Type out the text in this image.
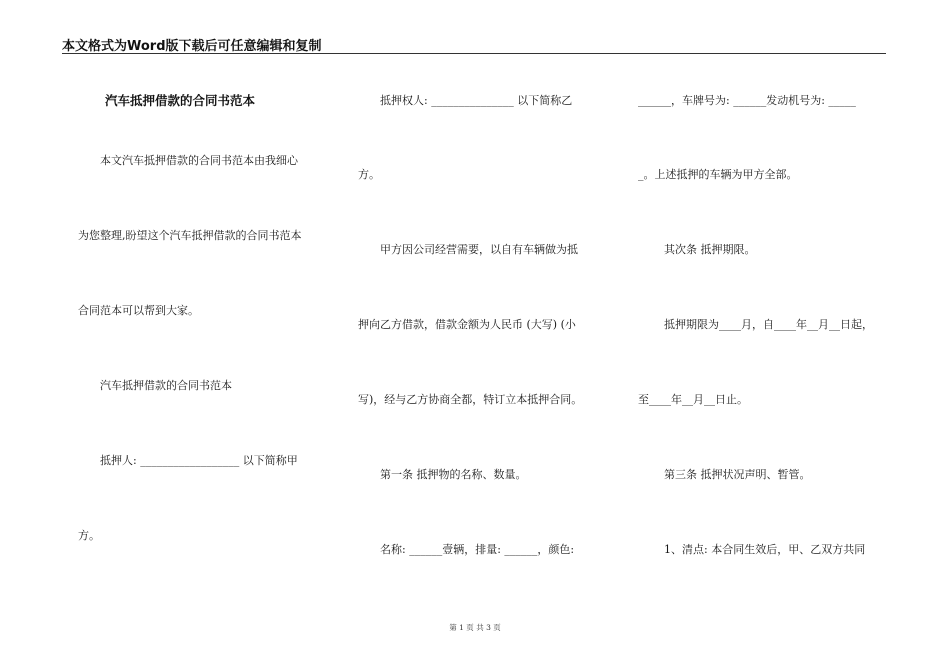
本文格式为Word版下载后可任意编辑和复制
汽车抵押借款的合同书范本
本文汽车抵押借款的合同书范本由我细心
为您整理,盼望这个汽车抵押借款的合同书范本
合同范本可以帮到大家。
汽车抵押借款的合同书范本
抵押人: __________________ 以下简称甲
方。
抵押权人: _______________ 以下简称乙
方。
甲方因公司经营需要，以自有车辆做为抵
押向乙方借款，借款金额为人民币 (大写) (小
写)，经与乙方协商全都，特订立本抵押合同。
第一条 抵押物的名称、数量。
名称: ______壹辆，排量: ______，颜色:
______，车牌号为: ______发动机号为: _____
_。上述抵押的车辆为甲方全部。
其次条 抵押期限。
抵押期限为____月，自____年__月__日起，
至____年__月__日止。
第三条 抵押状况声明、暂管。
1、清点: 本合同生效后，甲、乙双方共同
第 1 页 共 3 页
